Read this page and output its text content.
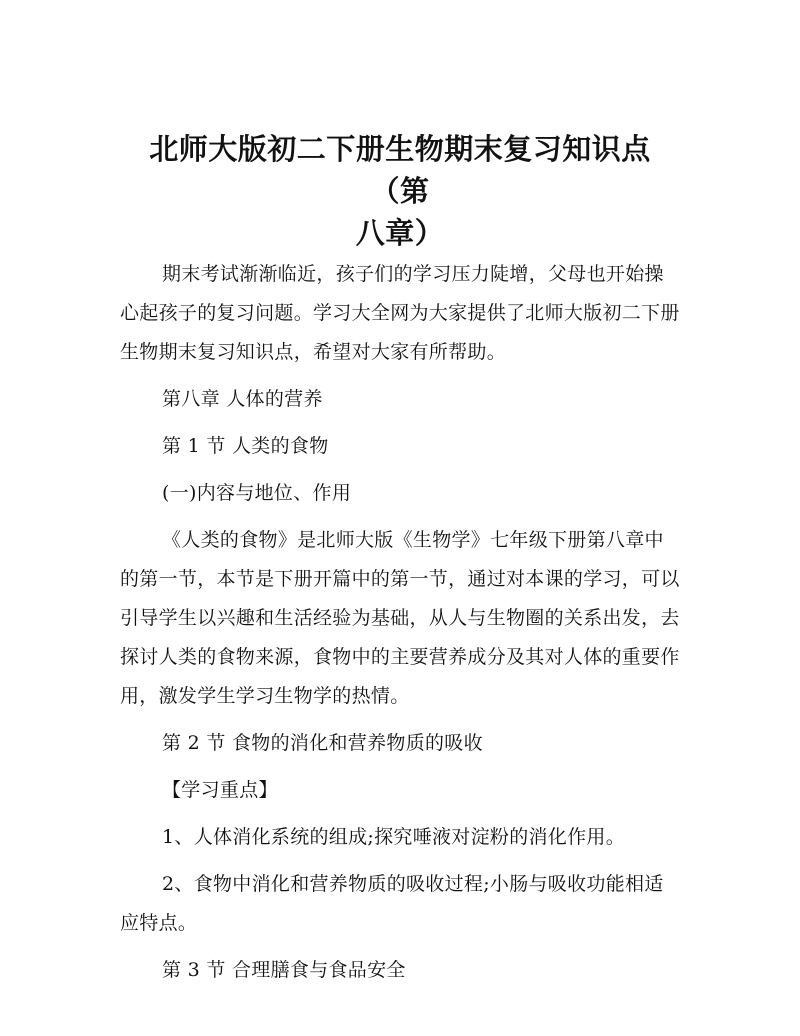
北师大版初二下册生物期末复习知识点（第
八章）

期末考试渐渐临近，孩子们的学习压力陡增，父母也开始操心起孩子的复习问题。学习大全网为大家提供了北师大版初二下册生物期末复习知识点，希望对大家有所帮助。

第八章 人体的营养

第 1 节 人类的食物

(一)内容与地位、作用

《人类的食物》是北师大版《生物学》七年级下册第八章中的第一节，本节是下册开篇中的第一节，通过对本课的学习，可以引导学生以兴趣和生活经验为基础，从人与生物圈的关系出发，去探讨人类的食物来源，食物中的主要营养成分及其对人体的重要作用，激发学生学习生物学的热情。

第 2 节 食物的消化和营养物质的吸收

【学习重点】

1、人体消化系统的组成;探究唾液对淀粉的消化作用。

2、食物中消化和营养物质的吸收过程;小肠与吸收功能相适应特点。

第 3 节 合理膳食与食品安全
